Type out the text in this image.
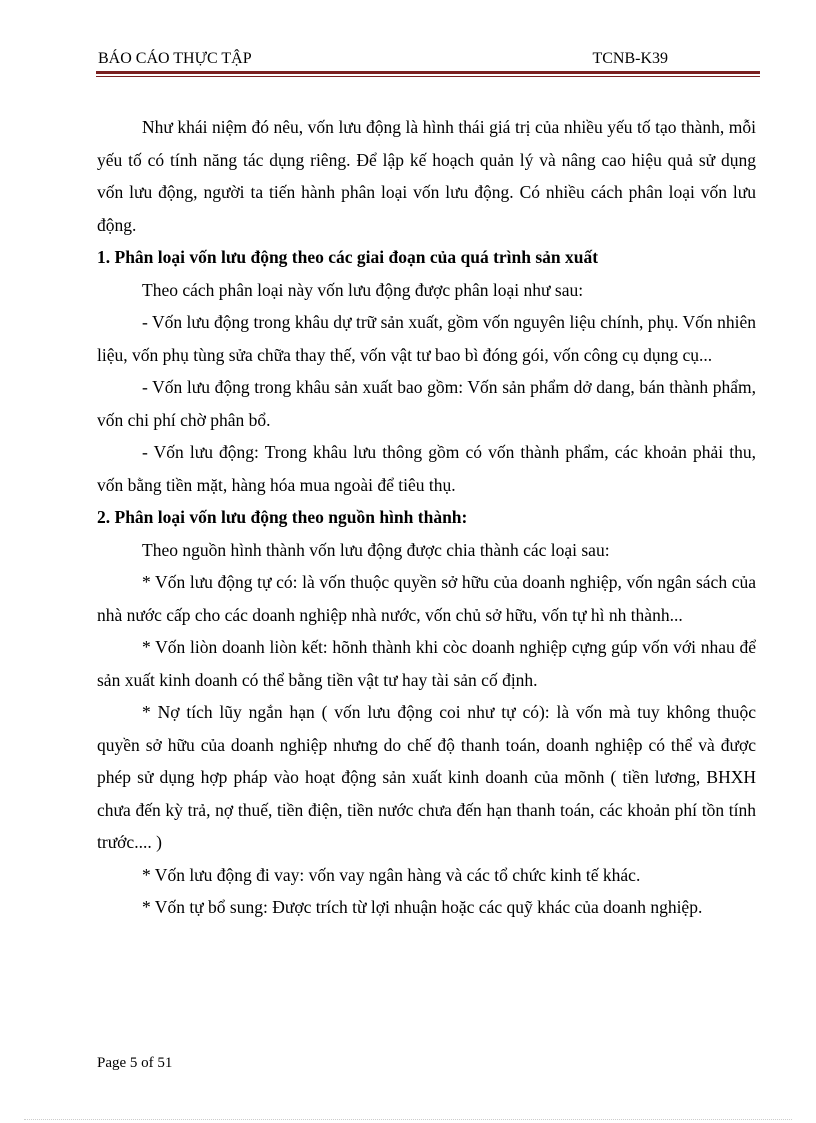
BÁO CÁO THỰC TẬP	TCNB-K39

Như khái niệm đó nêu, vốn lưu động là hình thái giá trị của nhiều yếu tố tạo thành, mỗi yếu tố có tính năng tác dụng riêng. Để lập kế hoạch quản lý và nâng cao hiệu quả sử dụng vốn lưu động, người ta tiến hành phân loại vốn lưu động. Có nhiều cách phân loại vốn lưu động.

1. Phân loại vốn lưu động theo các giai đoạn của quá trình sản xuất

Theo cách phân loại này vốn lưu động được phân loại như sau:

- Vốn lưu động trong khâu dự trữ sản xuất, gồm vốn nguyên liệu chính, phụ. Vốn nhiên liệu, vốn phụ tùng sửa chữa thay thế, vốn vật tư bao bì đóng gói, vốn công cụ dụng cụ...

- Vốn lưu động trong khâu sản xuất bao gồm: Vốn sản phẩm dở dang, bán thành phẩm, vốn chi phí chờ phân bổ.

- Vốn lưu động: Trong khâu lưu thông gồm có vốn thành phẩm, các khoản phải thu, vốn bằng tiền mặt, hàng hóa mua ngoài để tiêu thụ.

2. Phân loại vốn lưu động theo nguồn hình thành:

Theo nguồn hình thành vốn lưu động được chia thành các loại sau:

* Vốn lưu động tự có: là vốn thuộc quyền sở hữu của doanh nghiệp, vốn ngân sách của nhà nước cấp cho các doanh nghiệp nhà nước, vốn chủ sở hữu, vốn tự hì nh thành...

* Vốn liòn doanh liòn kết: hõnh thành khi còc doanh nghiệp cựng gúp vốn với nhau để sản xuất kinh doanh có thể bằng tiền vật tư hay tài sản cố định.

* Nợ tích lũy ngắn hạn ( vốn lưu động coi như tự có): là vốn mà tuy không thuộc quyền sở hữu của doanh nghiệp nhưng do chế độ thanh toán, doanh nghiệp có thể và được phép sử dụng hợp pháp vào hoạt động sản xuất kinh doanh của mõnh ( tiền lương, BHXH chưa đến kỳ trả, nợ thuế, tiền điện, tiền nước chưa đến hạn thanh toán, các khoản phí tồn tính trước.... )

* Vốn lưu động đi vay: vốn vay ngân hàng và các tổ chức kinh tế khác.

* Vốn tự bổ sung: Được trích từ lợi nhuận hoặc các quỹ khác của doanh nghiệp.

Page 5 of 51
